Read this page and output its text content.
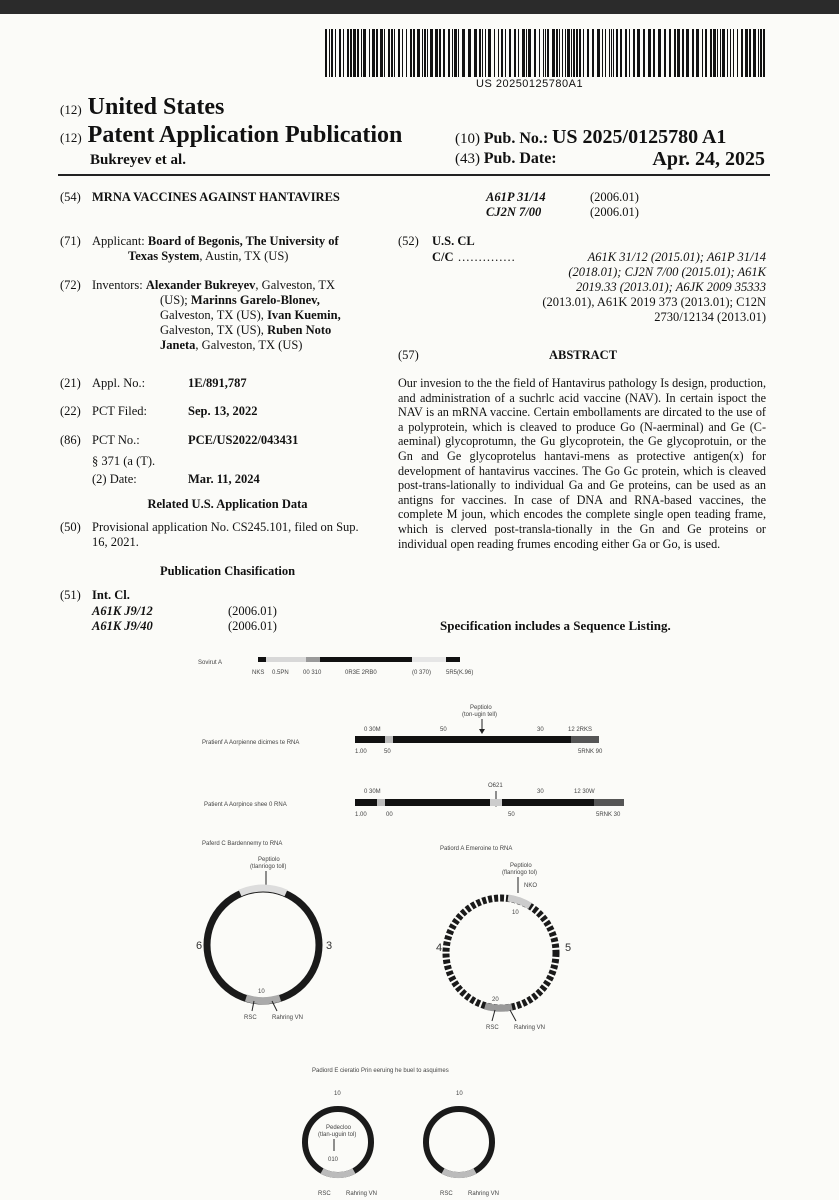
US 20250125780A1
(12) United States
(12) Patent Application Publication
Bukreyev et al.
(10) Pub. No.: US 2025/0125780 A1
(43) Pub. Date:	Apr. 24, 2025
(54) MRNA VACCINES AGAINST HANTAVIRES
(71) Applicant: Board of Begonis, The University of
Texas System, Austin, TX (US)
(72) Inventors: Alexander Bukreyev, Galveston, TX
(US); Marinns Garelo-Blonev,
Galveston, TX (US), Ivan Kuemin,
Galveston, TX (US), Ruben Noto
Janeta, Galveston, TX (US)
(21) Appl. No.:	1E/891,787
(22) PCT Filed:	Sep. 13, 2022
(86) PCT No.:	PCE/US2022/043431
§ 371 (a (T).
(2) Date:	Mar. 11, 2024
Related U.S. Application Data
(50) Provisional application No. CS245.101, filed on Sup.
16, 2021.
Publication Chasification
(51) Int. Cl.
A61K J9/12	(2006.01)
A61K J9/40	(2006.01)
A61P 31/14	(2006.01)
CJ2N 7/00	(2006.01)
(52) U.S. CL
C/C ..............	A61K 31/12 (2015.01); A61P 31/14
(2018.01); CJ2N 7/00 (2015.01); A61K
2019.33 (2013.01); A6JK 2009 35333
(2013.01), A61K 2019 373 (2013.01); C12N
2730/12134 (2013.01)
(57)	ABSTRACT
Our invesion to the the field of Hantavirus pathology Is design, production, and administration of a suchrlc acid vaccine (NAV). In certain ispoct the NAV is an mRNA vaccine. Certain embollaments are dircated to the use of a polyprotein, which is cleaved to produce Go (N-aerminal) and Ge (C-aeminal) glycoprotumn, the Gu glycoprotein, the Ge glycoprotuin, or the Gn and Ge glycoprotelus hantavi-mens as protective antigen(x) for development of hantavirus vaccines. The Go Gc protein, which is cleaved post-trans-lationally to individual Ga and Ge proteins, can be used as an antigns for vaccines. In case of DNA and RNA-based vaccines, the complete M joun, which encodes the complete single open teading frame, which is clerved post-transla-tionally in the Gn and Ge proteins or individual open reading frumes encoding either Ga or Go, is used.
Specification includes a Sequence Listing.
Sovirut A
NKS 0.5PN 00 310	0R3E 2RB0	(0 370) 5R5(K.96)
Peptiolo
(ton-ugin tell)
0 30M	50	30	12 2RKS
Pratienf A Aorpienne dicimes te RNA
1.00	50	5RNK 90
O621
0 30M	30	12 30W
Patient A Aorpince shee 0 RNA
1.00	00	50	5RNK 30
Paferd C Bardennemy to RNA
Peptiolo
(tlanriogo toll)
6	3
10
RSC	Rahring VN
Patiord A Emeroine to RNA
Peptiolo
(flanriogo tol)
NKO
10
4	5
20
RSC	Rahring VN
Padiord E cieratio Prin eeruing he buel to asquimes
10
Pedecloo
(tlan-uguin tol)
010
RSC	Rahring VN
10
RSC	Rahring VN
